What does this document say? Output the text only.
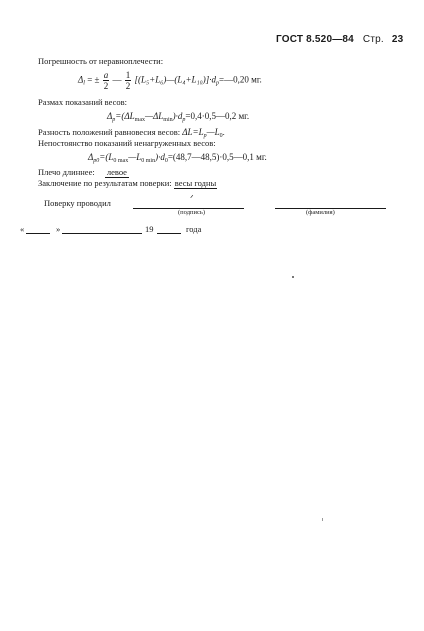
ГОСТ 8.520—84 Стр. 23
Погрешность от неравноплечести:
$\Delta_l$ = ± $\frac{a}{2}$ — $\frac{1}{2}$ $[(L_5+L_6)—(L_4+L_{10})]\cdot d_p=—0,20$ мг.
Размах показаний весов:
$\Delta_p=(\Delta L_{max}—\Delta L_{min})\cdot d_p=0,4\cdot 0,5—0,2$ мг.
Разность положений равновесия весов: $\Delta L=L_p—L_0$.
Непостоянство показаний ненагруженных весов:
$\Delta_{p0}=(L_{0 max}—L_{0 min})\cdot d_0=(48,7—48,5)\cdot 0,5—0,1$ мг.
Плечо длиннее: левое
Заключение по результатам поверки: весы годны
Поверку проводил	ᐟ
(подпись)	(фамилия)
«	»	19	года
